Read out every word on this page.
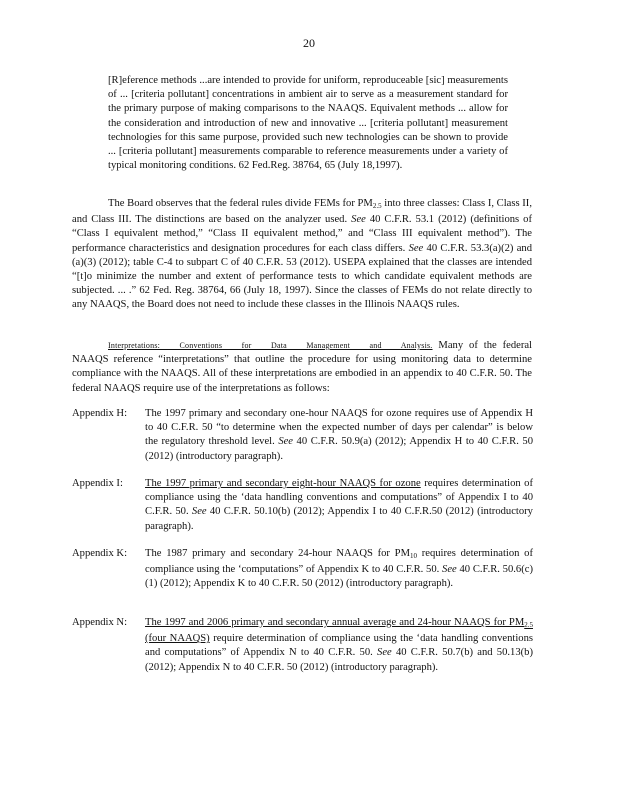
20
[R]eference methods ...are intended to provide for uniform, reproduceable [sic] measurements of ... [criteria pollutant] concentrations in ambient air to serve as a measurement standard for the primary purpose of making comparisons to the NAAQS. Equivalent methods ... allow for the consideration and introduction of new and innovative ... [criteria pollutant] measurement technologies for this same purpose, provided such new technologies can be shown to provide ... [criteria pollutant] measurements comparable to reference measurements under a variety of typical monitoring conditions. 62 Fed.Reg. 38764, 65 (July 18,1997).
The Board observes that the federal rules divide FEMs for $PM_{2.5}$ into three classes: Class I, Class II, and Class III. The distinctions are based on the analyzer used. See 40 C.F.R. 53.1 (2012) (definitions of “Class I equivalent method,” “Class II equivalent method,” and “Class III equivalent method”). The performance characteristics and designation procedures for each class differs. See 40 C.F.R. 53.3(a)(2) and (a)(3) (2012); table C-4 to subpart C of 40 C.F.R. 53 (2012). USEPA explained that the classes are intended “[t]o minimize the number and extent of performance tests to which candidate equivalent methods are subjected. ... .” 62 Fed. Reg. 38764, 66 (July 18, 1997). Since the classes of FEMs do not relate directly to any NAAQS, the Board does not need to include these classes in the Illinois NAAQS rules.
Interpretations: Conventions for Data Management and Analysis. Many of the federal NAAQS reference “interpretations” that outline the procedure for using monitoring data to determine compliance with the NAAQS. All of these interpretations are embodied in an appendix to 40 C.F.R. 50. The federal NAAQS require use of the interpretations as follows:
Appendix H:	The 1997 primary and secondary one-hour NAAQS for ozone requires use of Appendix H to 40 C.F.R. 50 “to determine when the expected number of days per calendar” is below the regulatory threshold level. See 40 C.F.R. 50.9(a) (2012); Appendix H to 40 C.F.R. 50 (2012) (introductory paragraph).
Appendix I:	The 1997 primary and secondary eight-hour NAAQS for ozone requires determination of compliance using the ‘data handling conventions and computations” of Appendix I to 40 C.F.R. 50. See 40 C.F.R. 50.10(b) (2012); Appendix I to 40 C.F.R.50 (2012) (introductory paragraph).
Appendix K:	The 1987 primary and secondary 24-hour NAAQS for $PM_{10}$ requires determination of compliance using the ‘computations” of Appendix K to 40 C.F.R. 50. See 40 C.F.R. 50.6(c)(1) (2012); Appendix K to 40 C.F.R. 50 (2012) (introductory paragraph).
Appendix N:	The 1997 and 2006 primary and secondary annual average and 24-hour NAAQS for $PM_{2.5}$ (four NAAQS) require determination of compliance using the ‘data handling conventions and computations” of Appendix N to 40 C.F.R. 50. See 40 C.F.R. 50.7(b) and 50.13(b) (2012); Appendix N to 40 C.F.R. 50 (2012) (introductory paragraph).
